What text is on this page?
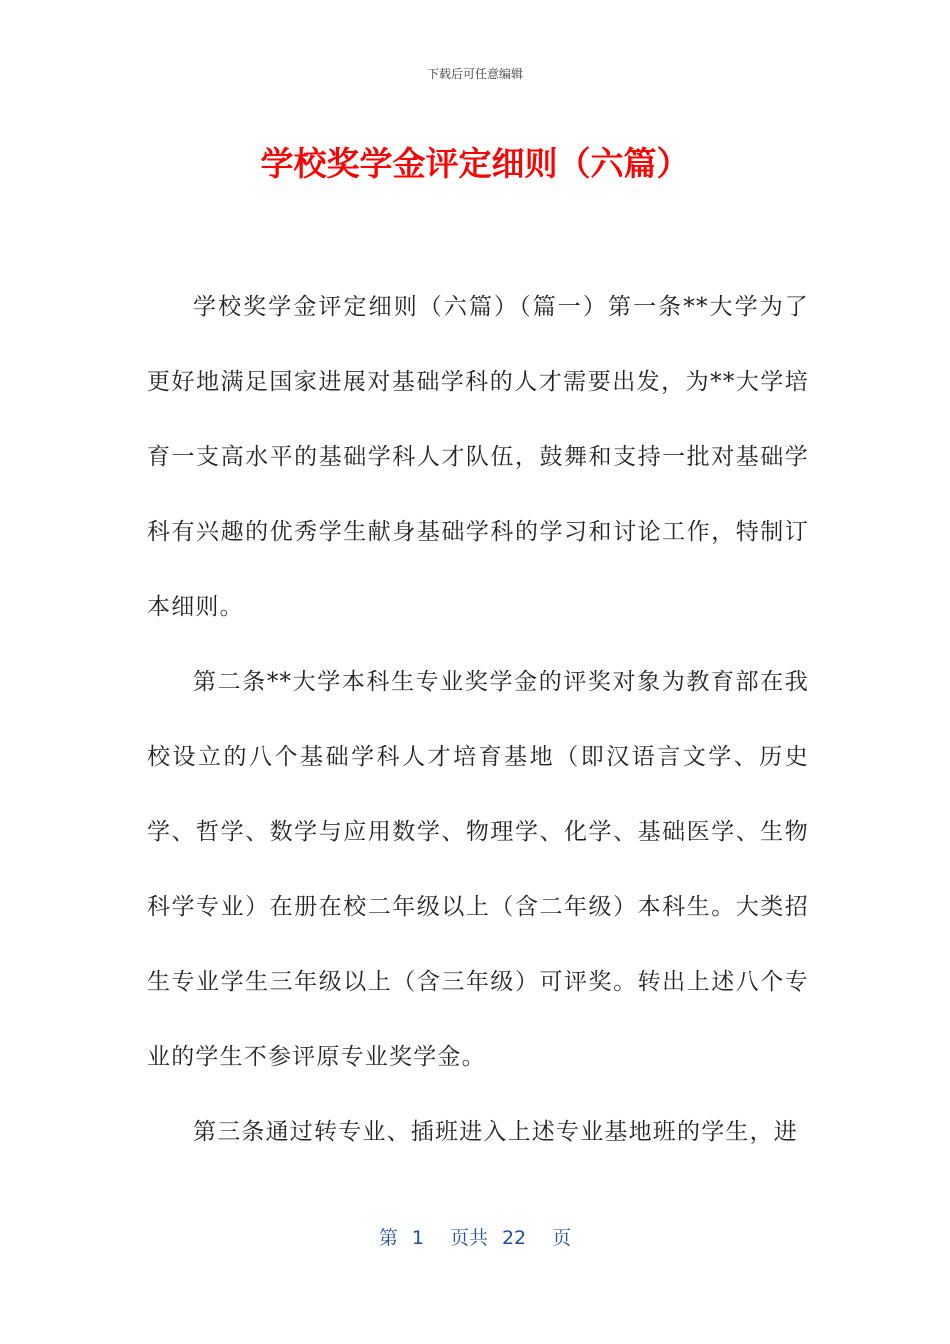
下载后可任意编辑
学校奖学金评定细则（六篇）

学校奖学金评定细则（六篇）（篇一）第一条**大学为了更好地满足国家进展对基础学科的人才需要出发，为**大学培育一支高水平的基础学科人才队伍，鼓舞和支持一批对基础学科有兴趣的优秀学生献身基础学科的学习和讨论工作，特制订本细则。

第二条**大学本科生专业奖学金的评奖对象为教育部在我校设立的八个基础学科人才培育基地（即汉语言文学、历史学、哲学、数学与应用数学、物理学、化学、基础医学、生物科学专业）在册在校二年级以上（含二年级）本科生。大类招生专业学生三年级以上（含三年级）可评奖。转出上述八个专业的学生不参评原专业奖学金。

第三条通过转专业、插班进入上述专业基地班的学生，进

第 1 页共 22 页
